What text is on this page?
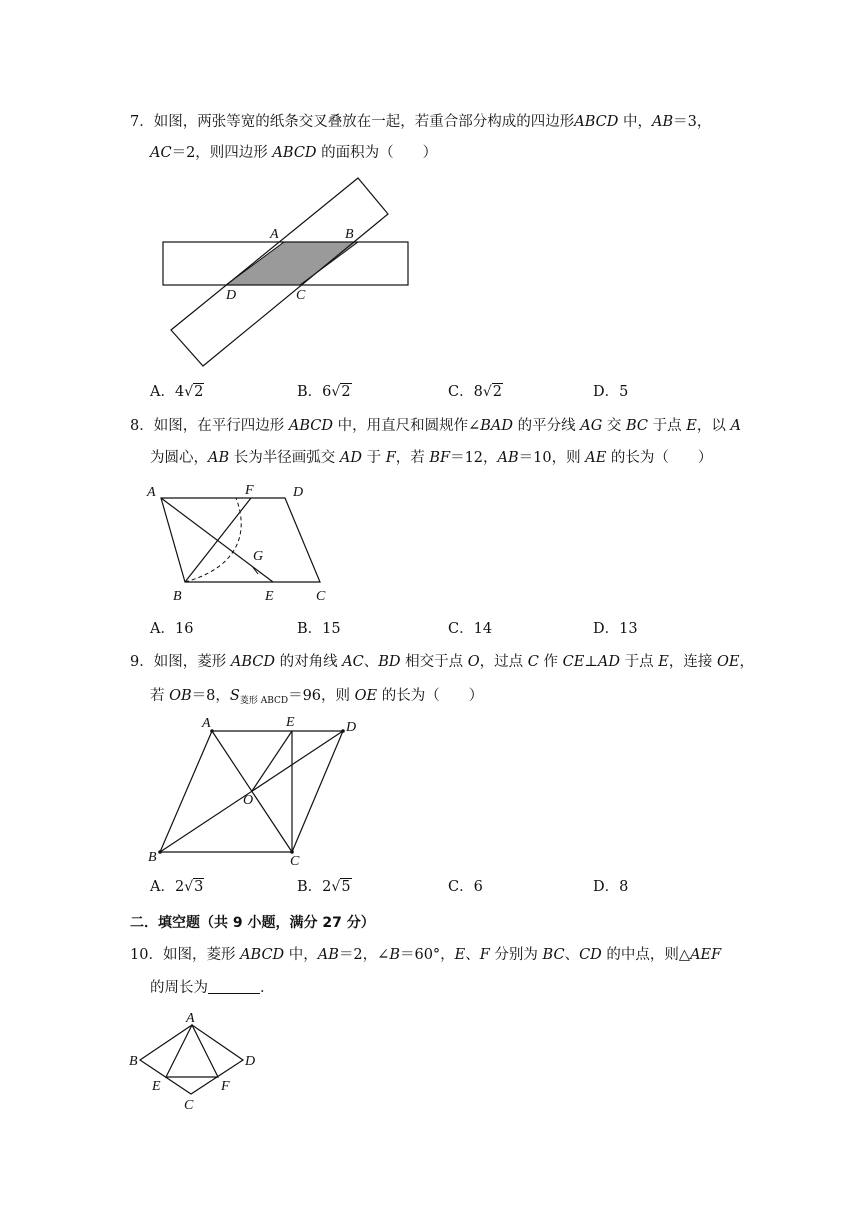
7．如图，两张等宽的纸条交叉叠放在一起，若重合部分构成的四边形ABCD 中，AB＝3，
AC＝2，则四边形 ABCD 的面积为（　　）
A	B
D	C
A．4√2	B．6√2	C．8√2	D．5
8．如图，在平行四边形 ABCD 中，用直尺和圆规作∠BAD 的平分线 AG 交 BC 于点 E，以 A
为圆心，AB 长为半径画弧交 AD 于 F，若 BF＝12，AB＝10，则 AE 的长为（　　）
A	F	D
G
B	E	C
A．16	B．15	C．14	D．13
9．如图，菱形 ABCD 的对角线 AC、BD 相交于点 O，过点 C 作 CE⊥AD 于点 E，连接 OE，
若 OB＝8，$S_{菱形 ABCD}=96$，则 OE 的长为（　　）
A	E	D
O
B	C
A．2√3	B．2√5	C．6	D．8
二．填空题（共 9 小题，满分 27 分）
10．如图，菱形 ABCD 中，AB＝2，∠B＝60°，E、F 分别为 BC、CD 的中点，则△AEF
的周长为	．
A
B	D
E	F
C
